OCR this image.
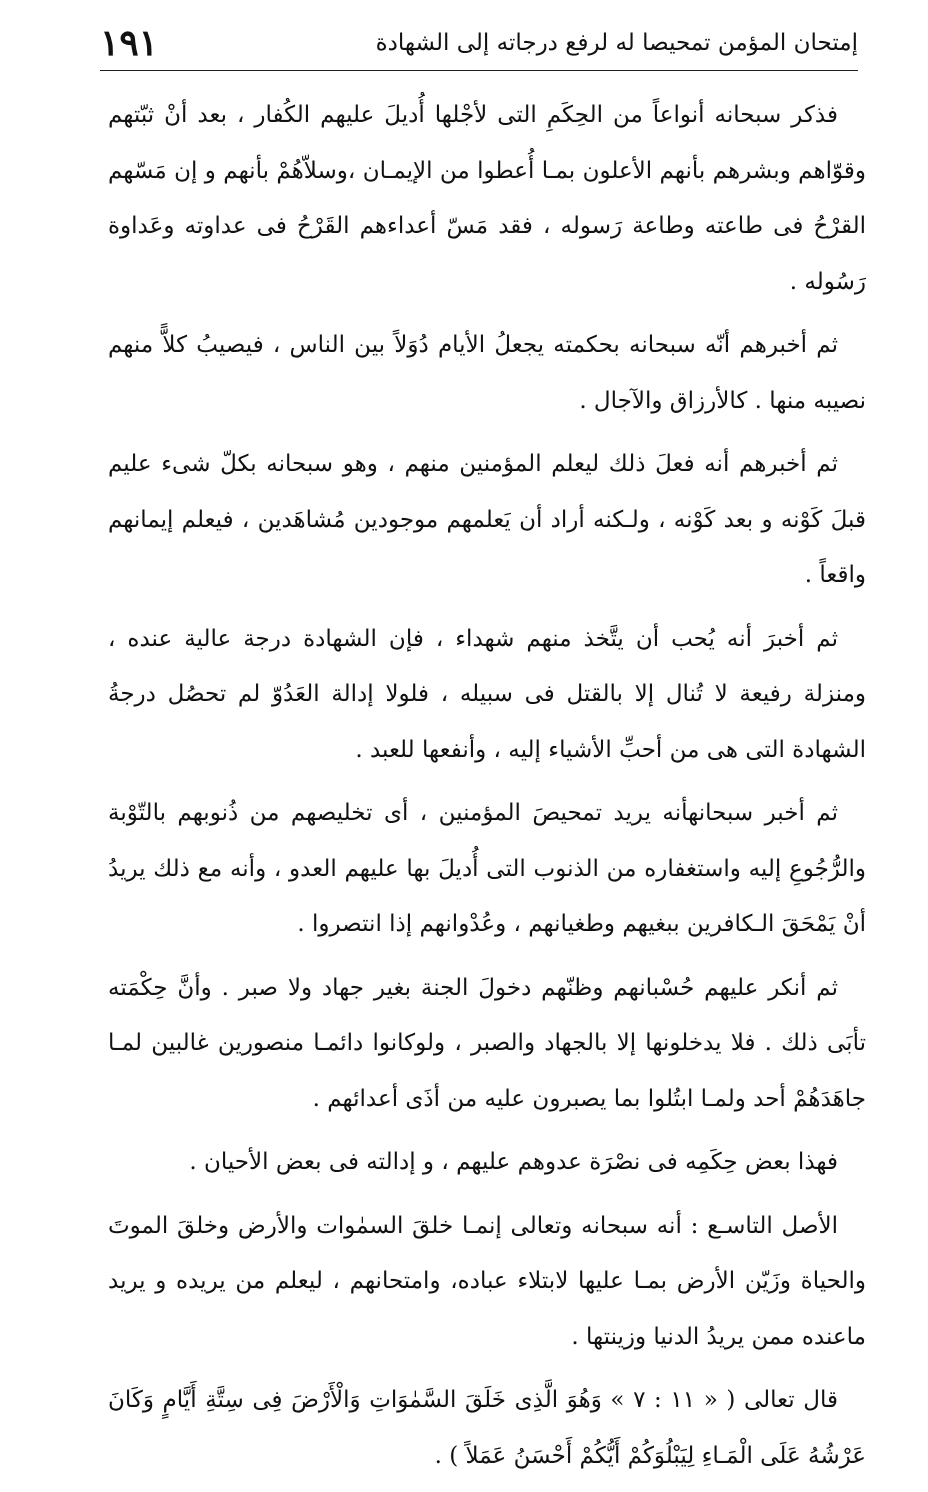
إمتحان المؤمن تمحيصا له لرفع درجاته إلى الشهادة
١٩١

فذكر سبحانه أنواعاً من الحِكَمِ التى لأجْلها أُديلَ عليهم الكُفار ، بعد أنْ ثبّتهم وقوّاهم وبشرهم بأنهم الأعلون بمـا أُعطوا من الإيمـان ،وسلاّهُمْ بأنهم و إن مَسّهم القرْحُ فى طاعته وطاعة رَسوله ، فقد مَسّ أعداءهم القَرْحُ فى عداوته وعَداوة رَسُوله .

ثم أخبرهم أنّه سبحانه بحكمته يجعلُ الأيام دُوَلاً بين الناس ، فيصيبُ كلاًّ منهم نصيبه منها . كالأرزاق والآجال .

ثم أخبرهم أنه فعلَ ذلك ليعلم المؤمنين منهم ، وهو سبحانه بكلّ شىء عليم قبلَ كَوْنه و بعد كَوْنه ، ولـكنه أراد أن يَعلمهم موجودين مُشاهَدين ، فيعلم إيمانهم واقعاً .

ثم أخبرَ أنه يُحب أن يتَّخذ منهم شهداء ، فإن الشهادة درجة عالية عنده ، ومنزلة رفيعة لا تُنال إلا بالقتل فى سبيله ، فلولا إدالة العَدُوّ لم تحصُل درجةُ الشهادة التى هى من أحبِّ الأشياء إليه ، وأنفعها للعبد .

ثم أخبر سبحانهأنه يريد تمحيصَ المؤمنين ، أى تخليصهم من ذُنوبهم بالتّوْبة والرُّجُوعِ إليه واستغفاره من الذنوب التى أُديلَ بها عليهم العدو ، وأنه مع ذلك يريدُ أنْ يَمْحَقَ الـكافرين ببغيهم وطغيانهم ، وعُدْوانهم إذا انتصروا .

ثم أنكر عليهم حُسْبانهم وظنّهم دخولَ الجنة بغير جهاد ولا صبر . وأنَّ حِكْمَته تأبَى ذلك . فلا يدخلونها إلا بالجهاد والصبر ، ولوكانوا دائمـا منصورين غالبين لمـا جاهَدَهُمْ أحد ولمـا ابتُلوا بما يصبرون عليه من أذَى أعدائهم .

فهذا بعض حِكَمِه فى نصْرَة عدوهم عليهم ، و إدالته فى بعض الأحيان .

الأصل التاسـع : أنه سبحانه وتعالى إنمـا خلقَ السمٰوات والأرض وخلقَ الموتَ والحياة وزَيّن الأرض بمـا عليها لابتلاء عباده، وامتحانهم ، ليعلم من يريده و يريد ماعنده ممن يريدُ الدنيا وزينتها .

قال تعالى ( « ١١ : ٧ » وَهُوَ الَّذِى خَلَقَ السَّمٰوَاتِ وَالْأَرْضَ فِى سِتَّةِ أَيَّامٍ وَكَانَ عَرْشُهُ عَلَى الْمَـاءِ لِيَبْلُوَكُمْ أَيُّكُمْ أَحْسَنُ عَمَلاً ) .
